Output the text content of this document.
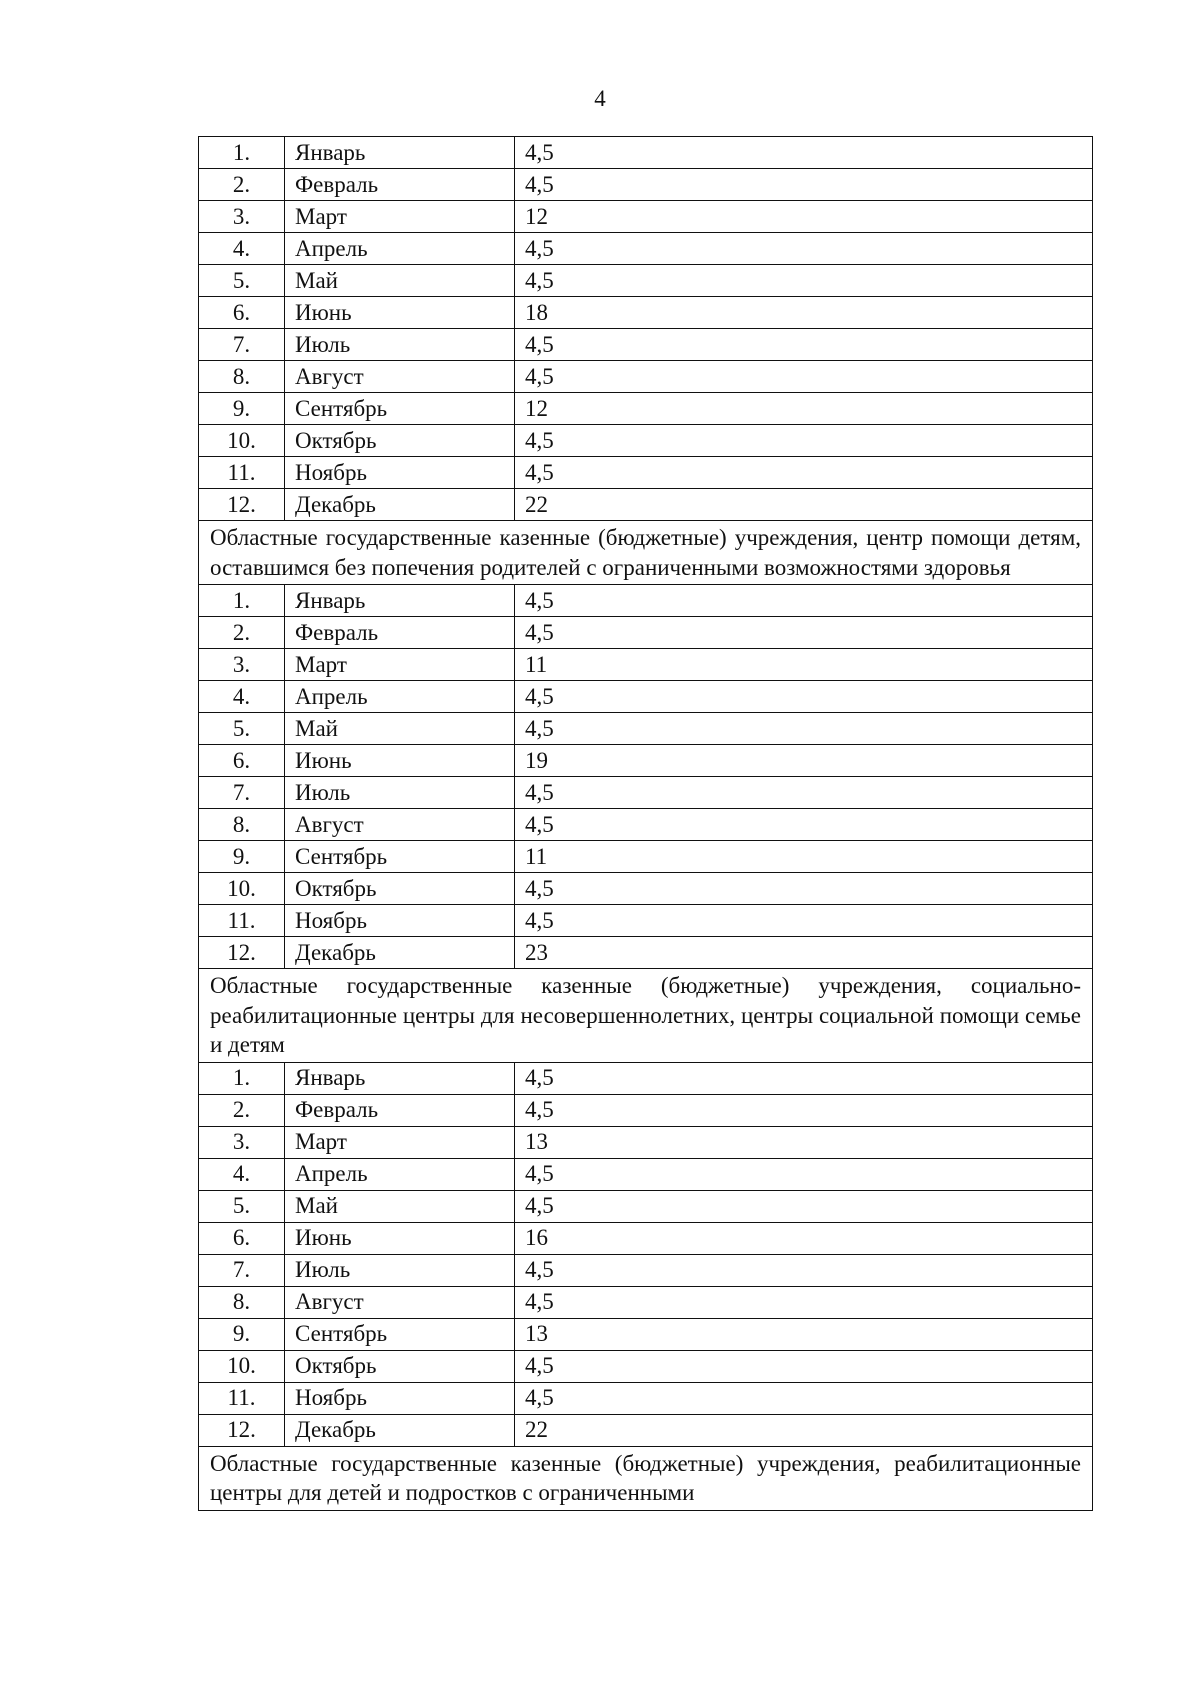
4
1.	Январь	4,5
2.	Февраль	4,5
3.	Март	12
4.	Апрель	4,5
5.	Май	4,5
6.	Июнь	18
7.	Июль	4,5
8.	Август	4,5
9.	Сентябрь	12
10.	Октябрь	4,5
11.	Ноябрь	4,5
12.	Декабрь	22
Областные государственные казенные (бюджетные) учреждения, центр помощи детям, оставшимся без попечения родителей с ограниченными возможностями здоровья		
1.	Январь	4,5
2.	Февраль	4,5
3.	Март	11
4.	Апрель	4,5
5.	Май	4,5
6.	Июнь	19
7.	Июль	4,5
8.	Август	4,5
9.	Сентябрь	11
10.	Октябрь	4,5
11.	Ноябрь	4,5
12.	Декабрь	23
Областные государственные казенные (бюджетные) учреждения, социально-реабилитационные центры для несовершеннолетних, центры социальной помощи семье и детям		
1.	Январь	4,5
2.	Февраль	4,5
3.	Март	13
4.	Апрель	4,5
5.	Май	4,5
6.	Июнь	16
7.	Июль	4,5
8.	Август	4,5
9.	Сентябрь	13
10.	Октябрь	4,5
11.	Ноябрь	4,5
12.	Декабрь	22
Областные государственные казенные (бюджетные) учреждения, реабилитационные центры для детей и подростков с ограниченными		
